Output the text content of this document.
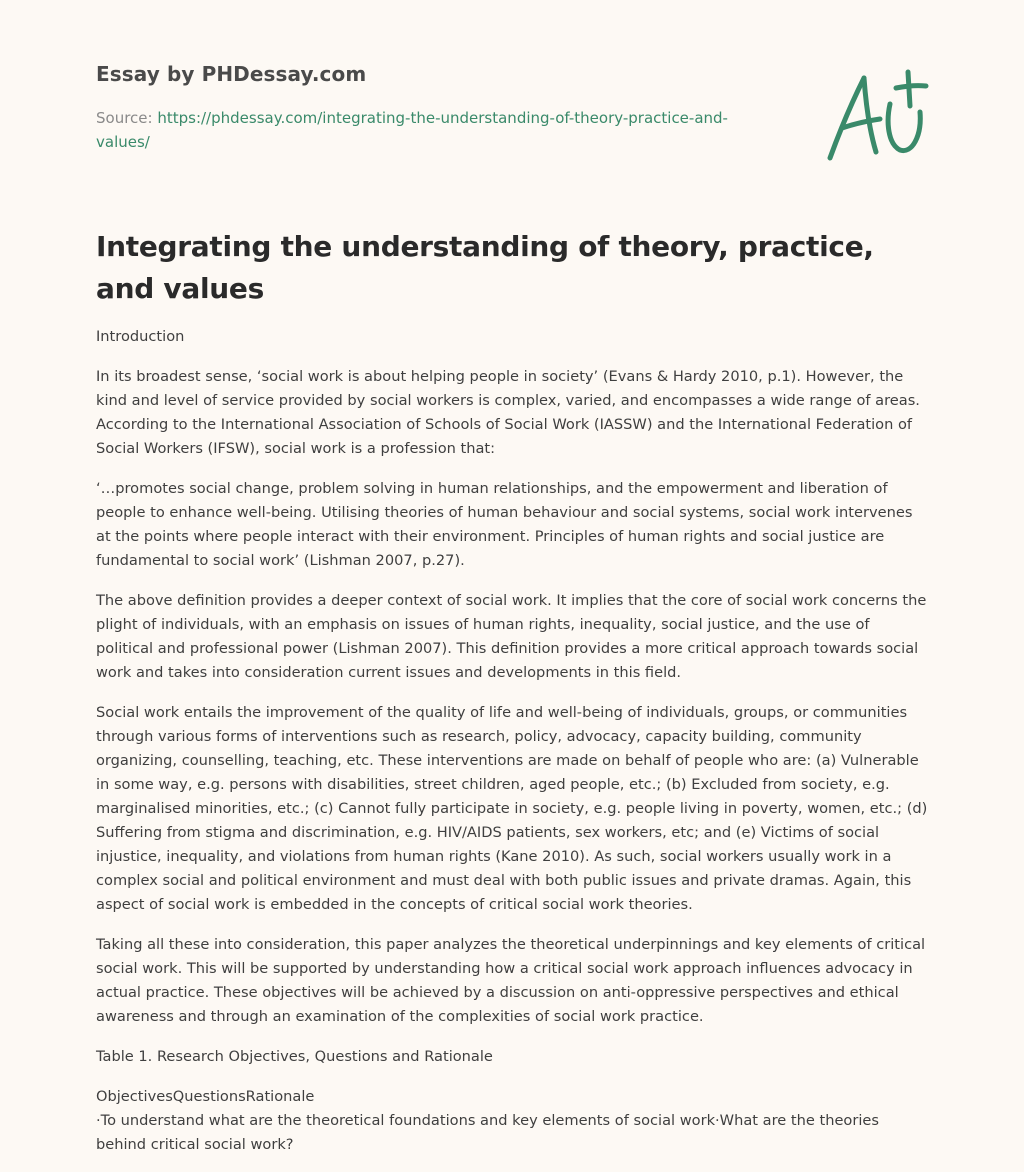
Essay by PHDessay.com
Source: https://phdessay.com/integrating-the-understanding-of-theory-practice-and-values/
Integrating the understanding of theory, practice, and values

Introduction

In its broadest sense, ‘social work is about helping people in society’ (Evans & Hardy 2010, p.1). However, the kind and level of service provided by social workers is complex, varied, and encompasses a wide range of areas. According to the International Association of Schools of Social Work (IASSW) and the International Federation of Social Workers (IFSW), social work is a profession that:

‘…promotes social change, problem solving in human relationships, and the empowerment and liberation of people to enhance well-being. Utilising theories of human behaviour and social systems, social work intervenes at the points where people interact with their environment. Principles of human rights and social justice are fundamental to social work’ (Lishman 2007, p.27).

The above definition provides a deeper context of social work. It implies that the core of social work concerns the plight of individuals, with an emphasis on issues of human rights, inequality, social justice, and the use of political and professional power (Lishman 2007). This definition provides a more critical approach towards social work and takes into consideration current issues and developments in this field.

Social work entails the improvement of the quality of life and well-being of individuals, groups, or communities through various forms of interventions such as research, policy, advocacy, capacity building, community organizing, counselling, teaching, etc. These interventions are made on behalf of people who are: (a) Vulnerable in some way, e.g. persons with disabilities, street children, aged people, etc.; (b) Excluded from society, e.g. marginalised minorities, etc.; (c) Cannot fully participate in society, e.g. people living in poverty, women, etc.; (d) Suffering from stigma and discrimination, e.g. HIV/AIDS patients, sex workers, etc; and (e) Victims of social injustice, inequality, and violations from human rights (Kane 2010). As such, social workers usually work in a complex social and political environment and must deal with both public issues and private dramas. Again, this aspect of social work is embedded in the concepts of critical social work theories.

Taking all these into consideration, this paper analyzes the theoretical underpinnings and key elements of critical social work. This will be supported by understanding how a critical social work approach influences advocacy in actual practice. These objectives will be achieved by a discussion on anti-oppressive perspectives and ethical awareness and through an examination of the complexities of social work practice.

Table 1. Research Objectives, Questions and Rationale

ObjectivesQuestionsRationale

·To understand what are the theoretical foundations and key elements of social work·What are the theories behind critical social work?
